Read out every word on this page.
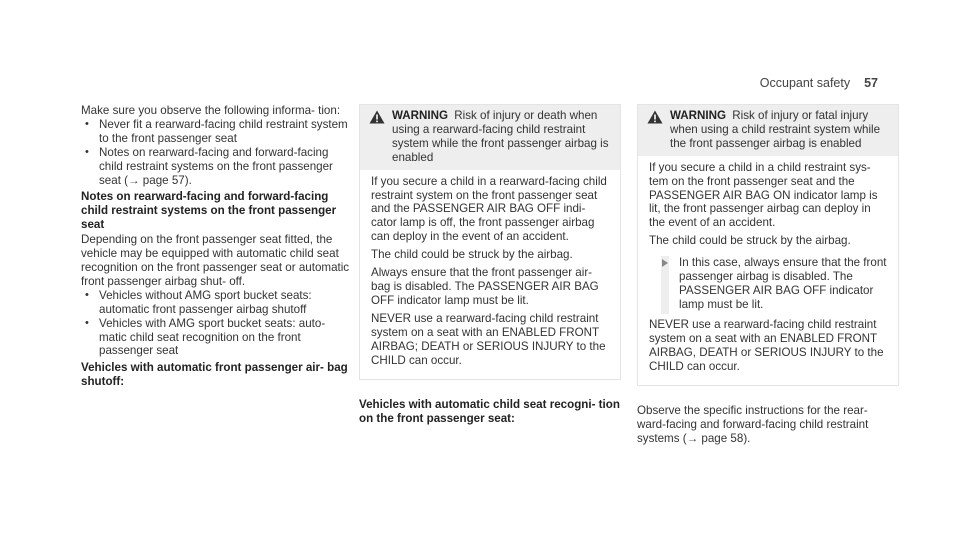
Occupant safety 57

Make sure you observe the following informa- tion:

• Never fit a rearward-facing child restraint system to the front passenger seat

• Notes on rearward-facing and forward-facing child restraint systems on the front passenger seat (→ page 57).

Notes on rearward-facing and forward-facing child restraint systems on the front passenger seat

Depending on the front passenger seat fitted, the vehicle may be equipped with automatic child seat recognition on the front passenger seat or automatic front passenger airbag shut- off.

• Vehicles without AMG sport bucket seats: automatic front passenger airbag shutoff

• Vehicles with AMG sport bucket seats: auto- matic child seat recognition on the front passenger seat

Vehicles with automatic front passenger air- bag shutoff:
WARNING Risk of injury or death when using a rearward-facing child restraint system while the front passenger airbag is enabled

If you secure a child in a rearward-facing child restraint system on the front passenger seat and the PASSENGER AIR BAG OFF indi- cator lamp is off, the front passenger airbag can deploy in the event of an accident.

The child could be struck by the airbag.

Always ensure that the front passenger air- bag is disabled. The PASSENGER AIR BAG OFF indicator lamp must be lit.

NEVER use a rearward-facing child restraint system on a seat with an ENABLED FRONT AIRBAG; DEATH or SERIOUS INJURY to the CHILD can occur.

Vehicles with automatic child seat recogni- tion on the front passenger seat:
WARNING Risk of injury or fatal injury when using a child restraint system while the front passenger airbag is enabled

If you secure a child in a child restraint sys- tem on the front passenger seat and the PASSENGER AIR BAG ON indicator lamp is lit, the front passenger airbag can deploy in the event of an accident.

The child could be struck by the airbag.

In this case, always ensure that the front passenger airbag is disabled. The PASSENGER AIR BAG OFF indicator lamp must be lit.

NEVER use a rearward-facing child restraint system on a seat with an ENABLED FRONT AIRBAG, DEATH or SERIOUS INJURY to the CHILD can occur.

Observe the specific instructions for the rear- ward-facing and forward-facing child restraint systems (→ page 58).
